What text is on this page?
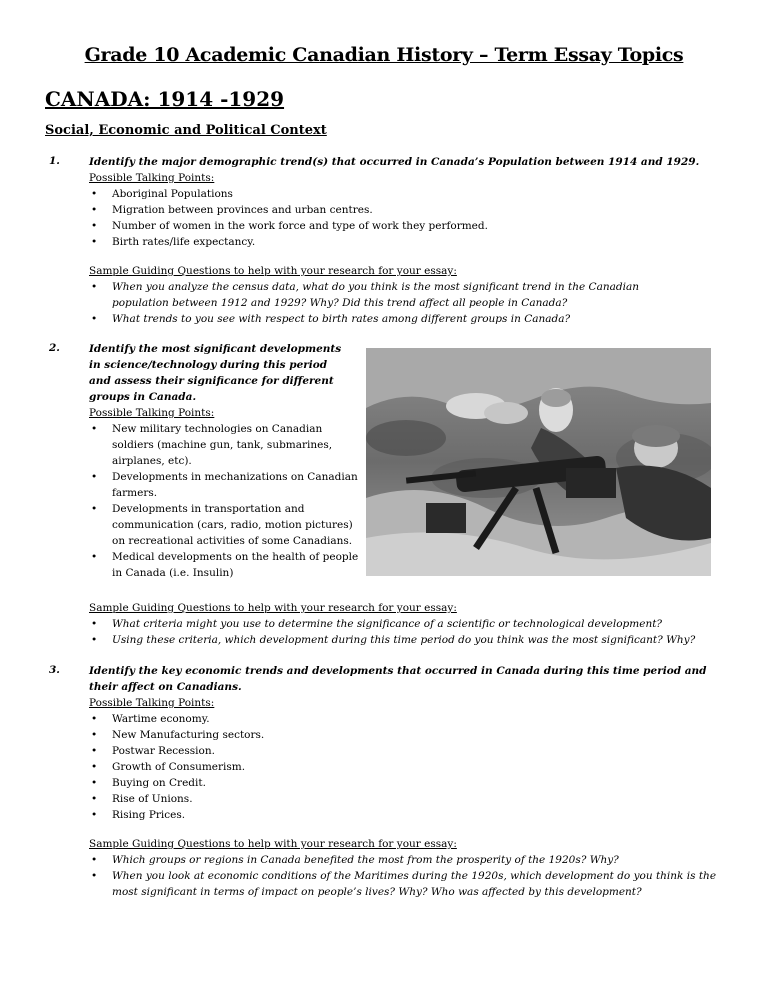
Grade 10 Academic Canadian History – Term Essay Topics
CANADA: 1914 -1929
Social, Economic and Political Context
1.	Identify the major demographic trend(s) that occurred in Canada’s Population between 1914 and 1929.
Possible Talking Points:
• Aboriginal Populations
• Migration between provinces and urban centres.
• Number of women in the work force and type of work they performed.
• Birth rates/life expectancy.
Sample Guiding Questions to help with your research for your essay:
• When you analyze the census data, what do you think is the most significant trend in the Canadian population between 1912 and 1929? Why? Did this trend affect all people in Canada?
• What trends to you see with respect to birth rates among different groups in Canada?
2.	Identify the most significant developments in science/technology during this period and assess their significance for different groups in Canada.
Possible Talking Points:
• New military technologies on Canadian soldiers (machine gun, tank, submarines, airplanes, etc).
• Developments in mechanizations on Canadian farmers.
• Developments in transportation and communication (cars, radio, motion pictures) on recreational activities of some Canadians.
• Medical developments on the health of people in Canada (i.e. Insulin)
Sample Guiding Questions to help with your research for your essay:
• What criteria might you use to determine the significance of a scientific or technological development?
• Using these criteria, which development during this time period do you think was the most significant? Why?
3.	Identify the key economic trends and developments that occurred in Canada during this time period and their affect on Canadians.
Possible Talking Points:
• Wartime economy.
• New Manufacturing sectors.
• Postwar Recession.
• Growth of Consumerism.
• Buying on Credit.
• Rise of Unions.
• Rising Prices.
Sample Guiding Questions to help with your research for your essay:
• Which groups or regions in Canada benefited the most from the prosperity of the 1920s? Why?
• When you look at economic conditions of the Maritimes during the 1920s, which development do you think is the most significant in terms of impact on people’s lives? Why? Who was affected by this development?
